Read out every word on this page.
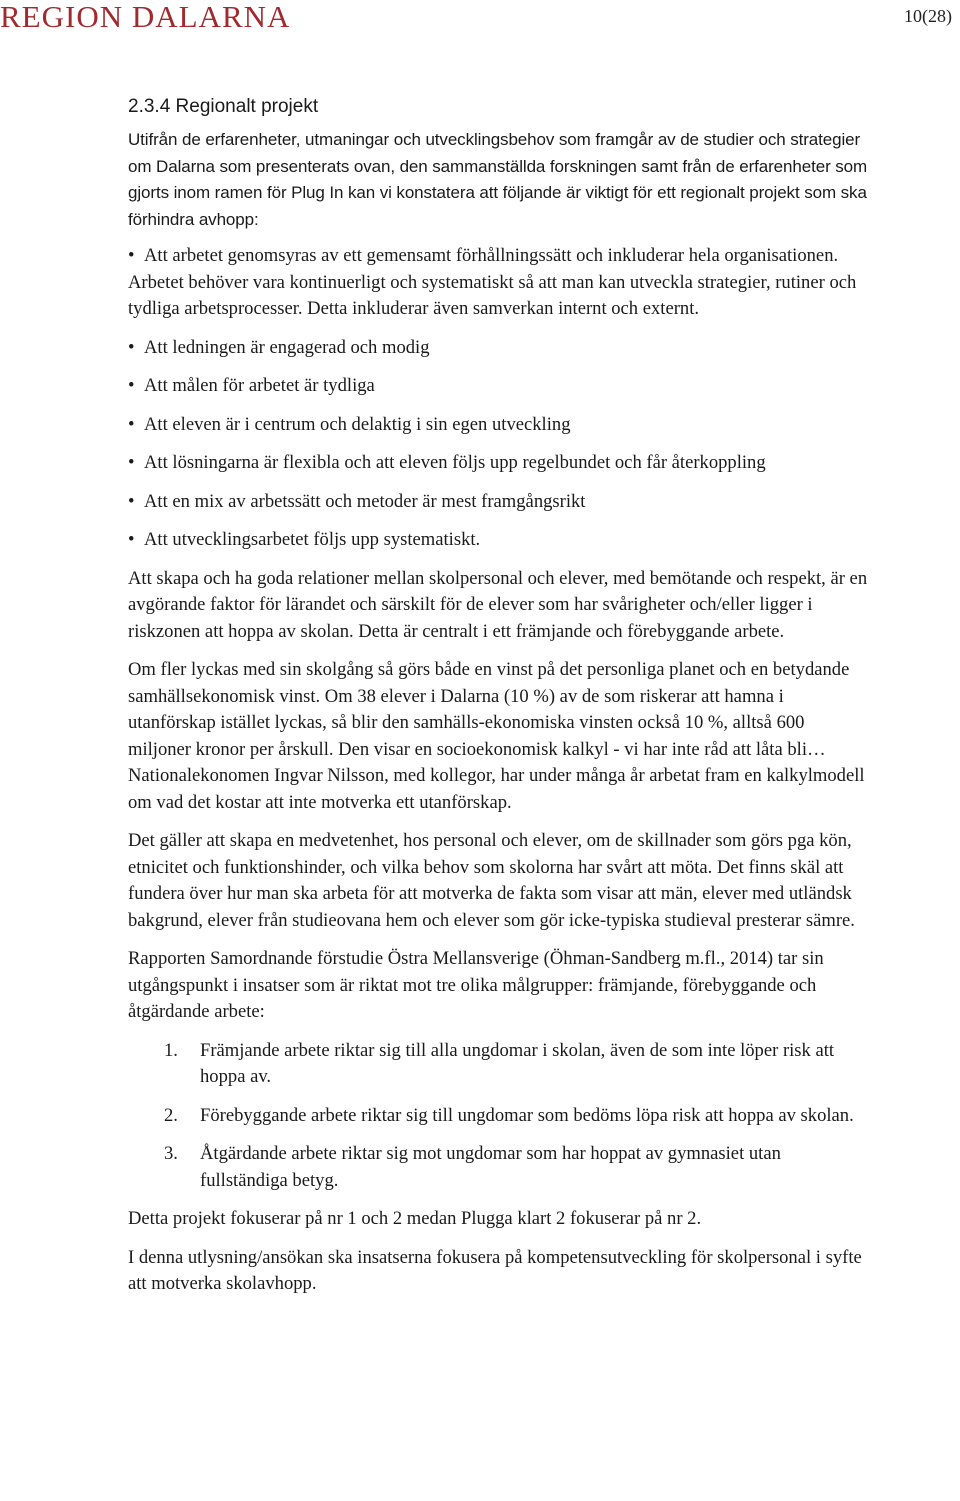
REGION DALARNA	10(28)
2.3.4 Regionalt projekt

Utifrån de erfarenheter, utmaningar och utvecklingsbehov som framgår av de studier och strategier om Dalarna som presenterats ovan, den sammanställda forskningen samt från de erfarenheter som gjorts inom ramen för Plug In kan vi konstatera att följande är viktigt för ett regionalt projekt som ska förhindra avhopp:

• Att arbetet genomsyras av ett gemensamt förhållningssätt och inkluderar hela organisationen. Arbetet behöver vara kontinuerligt och systematiskt så att man kan utveckla strategier, rutiner och tydliga arbetsprocesser. Detta inkluderar även samverkan internt och externt.
• Att ledningen är engagerad och modig
• Att målen för arbetet är tydliga
• Att eleven är i centrum och delaktig i sin egen utveckling
• Att lösningarna är flexibla och att eleven följs upp regelbundet och får återkoppling
• Att en mix av arbetssätt och metoder är mest framgångsrikt
• Att utvecklingsarbetet följs upp systematiskt.

Att skapa och ha goda relationer mellan skolpersonal och elever, med bemötande och respekt, är en avgörande faktor för lärandet och särskilt för de elever som har svårigheter och/eller ligger i riskzonen att hoppa av skolan. Detta är centralt i ett främjande och förebyggande arbete.

Om fler lyckas med sin skolgång så görs både en vinst på det personliga planet och en betydande samhällsekonomisk vinst. Om 38 elever i Dalarna (10 %) av de som riskerar att hamna i utanförskap istället lyckas, så blir den samhälls-ekonomiska vinsten också 10 %, alltså 600 miljoner kronor per årskull. Den visar en socioekonomisk kalkyl - vi har inte råd att låta bli… Nationalekonomen Ingvar Nilsson, med kollegor, har under många år arbetat fram en kalkylmodell om vad det kostar att inte motverka ett utanförskap.

Det gäller att skapa en medvetenhet, hos personal och elever, om de skillnader som görs pga kön, etnicitet och funktionshinder, och vilka behov som skolorna har svårt att möta. Det finns skäl att fundera över hur man ska arbeta för att motverka de fakta som visar att män, elever med utländsk bakgrund, elever från studieovana hem och elever som gör icke-typiska studieval presterar sämre.

Rapporten Samordnande förstudie Östra Mellansverige (Öhman-Sandberg m.fl., 2014) tar sin utgångspunkt i insatser som är riktat mot tre olika målgrupper: främjande, förebyggande och åtgärdande arbete:

1. Främjande arbete riktar sig till alla ungdomar i skolan, även de som inte löper risk att hoppa av.
2. Förebyggande arbete riktar sig till ungdomar som bedöms löpa risk att hoppa av skolan.
3. Åtgärdande arbete riktar sig mot ungdomar som har hoppat av gymnasiet utan fullständiga betyg.

Detta projekt fokuserar på nr 1 och 2 medan Plugga klart 2 fokuserar på nr 2.

I denna utlysning/ansökan ska insatserna fokusera på kompetensutveckling för skolpersonal i syfte att motverka skolavhopp.
